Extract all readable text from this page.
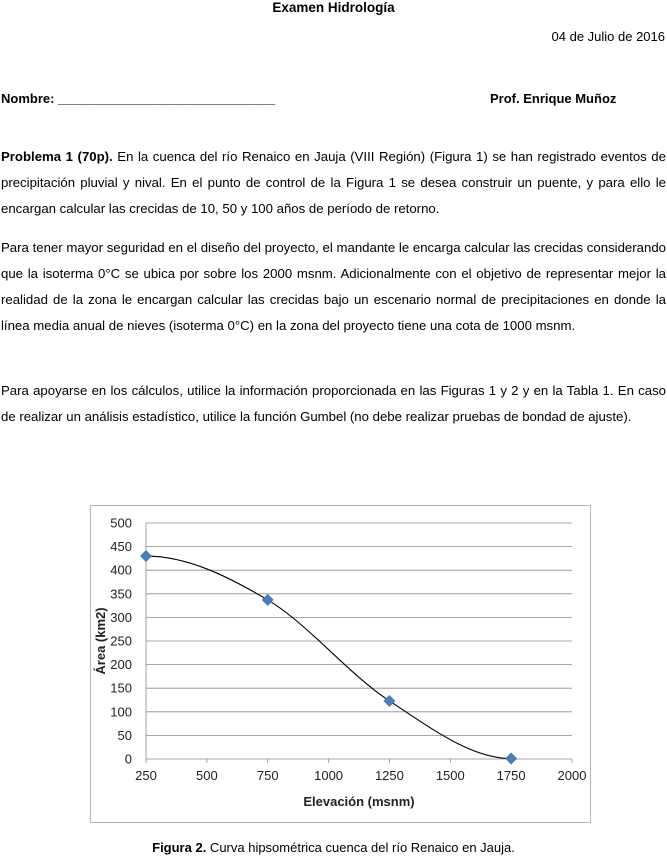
Examen Hidrología
04 de Julio de 2016
Nombre: ______________________________	Prof. Enrique Muñoz
Problema 1 (70p). En la cuenca del río Renaico en Jauja (VIII Región) (Figura 1) se han registrado eventos de precipitación pluvial y nival. En el punto de control de la Figura 1 se desea construir un puente, y para ello le encargan calcular las crecidas de 10, 50 y 100 años de período de retorno.
Para tener mayor seguridad en el diseño del proyecto, el mandante le encarga calcular las crecidas considerando que la isoterma 0°C se ubica por sobre los 2000 msnm. Adicionalmente con el objetivo de representar mejor la realidad de la zona le encargan calcular las crecidas bajo un escenario normal de precipitaciones en donde la línea media anual de nieves (isoterma 0°C) en la zona del proyecto tiene una cota de 1000 msnm.
Para apoyarse en los cálculos, utilice la información proporcionada en las Figuras 1 y 2 y en la Tabla 1. En caso de realizar un análisis estadístico, utilice la función Gumbel (no debe realizar pruebas de bondad de ajuste).
0
50
100
150
200
250
300
350
400
450
500
250	500	750	1000 1250 1500 1750 2000
Elevación (msnm)
Área (km2)
Figura 2. Curva hipsométrica cuenca del río Renaico en Jauja.
